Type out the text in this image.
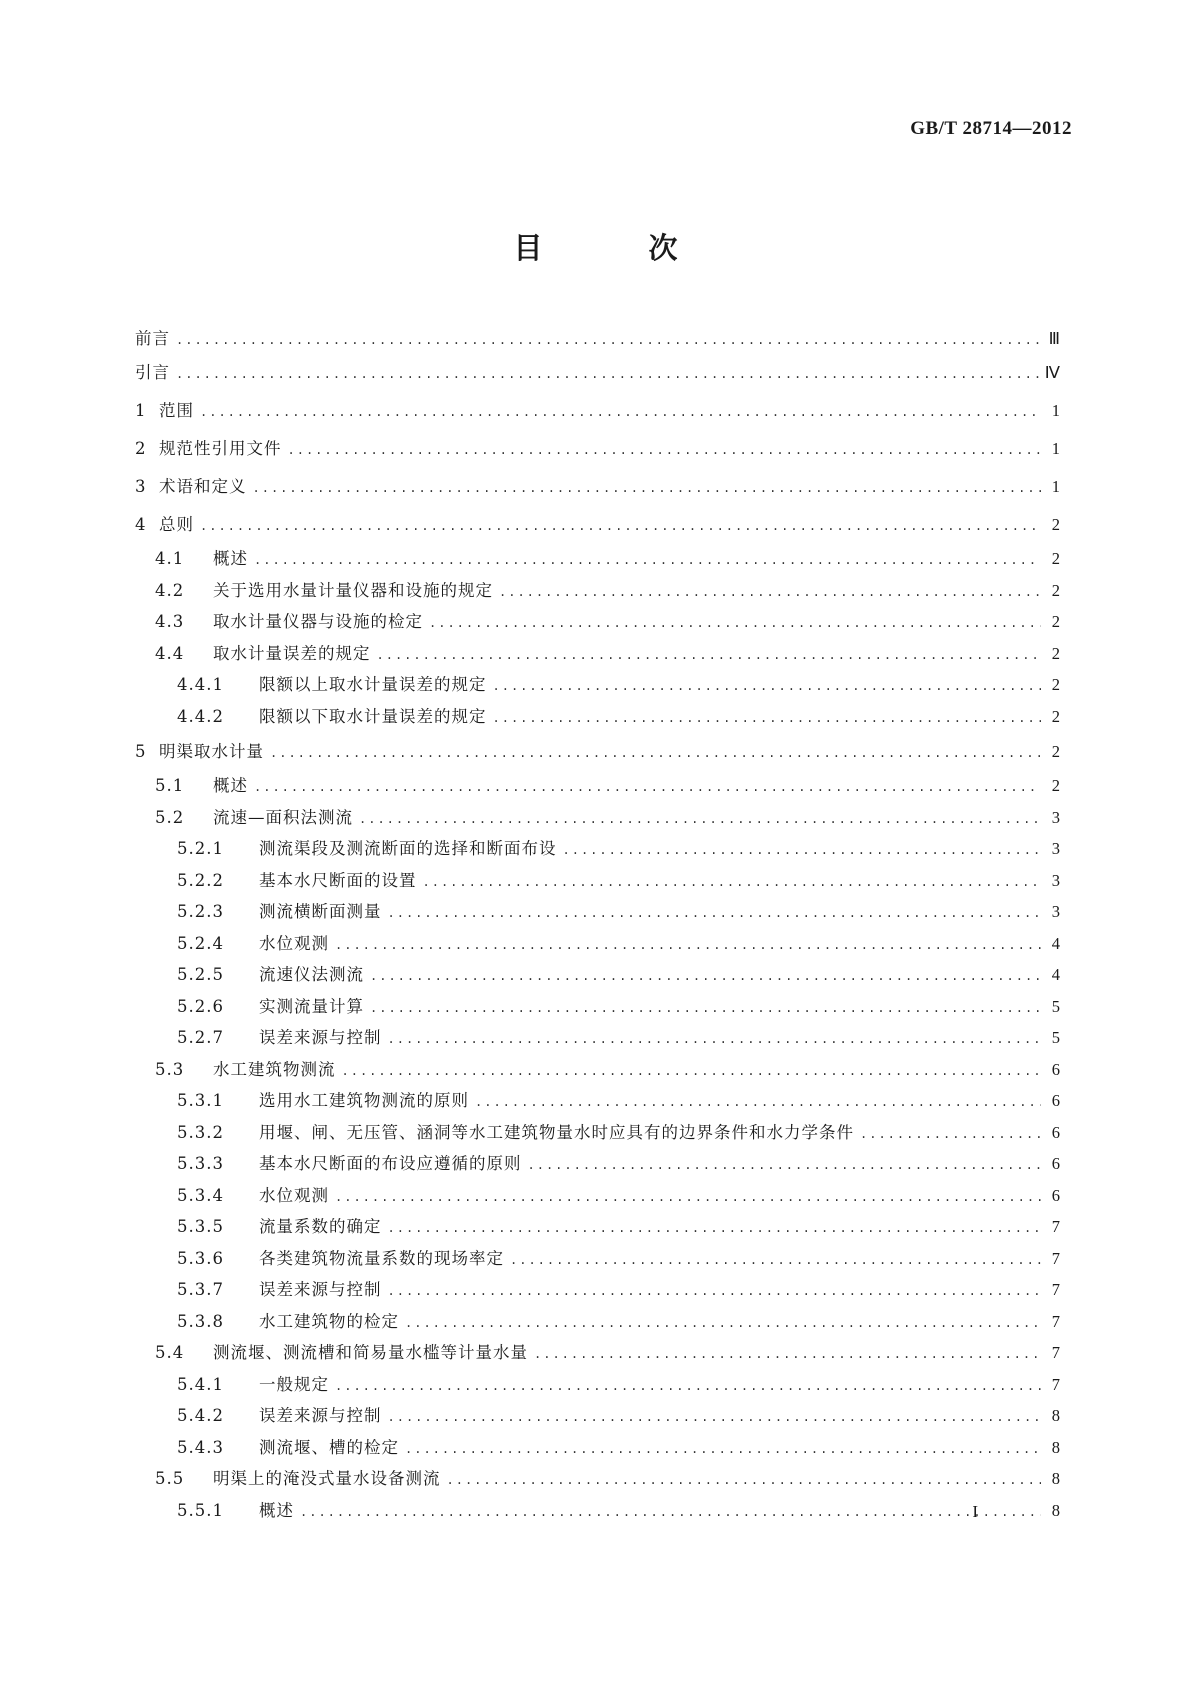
GB/T 28714—2012
目 次
前言 .....	Ⅲ
引言 .....	Ⅳ
1 范围 .....	1
2 规范性引用文件 .....	1
3 术语和定义 .....	1
4 总则 .....	2
4.1	概述 .....	2
4.2	关于选用水量计量仪器和设施的规定 .....	2
4.3	取水计量仪器与设施的检定 .....	2
4.4	取水计量误差的规定 .....	2
4.4.1	限额以上取水计量误差的规定 .....	2
4.4.2	限额以下取水计量误差的规定 .....	2
5 明渠取水计量 .....	2
5.1	概述 .....	2
5.2	流速—面积法测流 .....	3
5.2.1	测流渠段及测流断面的选择和断面布设 .....	3
5.2.2	基本水尺断面的设置 .....	3
5.2.3	测流横断面测量 .....	3
5.2.4	水位观测 .....	4
5.2.5	流速仪法测流 .....	4
5.2.6	实测流量计算 .....	5
5.2.7	误差来源与控制 .....	5
5.3	水工建筑物测流 .....	6
5.3.1	选用水工建筑物测流的原则 .....	6
5.3.2	用堰、闸、无压管、涵洞等水工建筑物量水时应具有的边界条件和水力学条件 .....	6
5.3.3	基本水尺断面的布设应遵循的原则 .....	6
5.3.4	水位观测 .....	6
5.3.5	流量系数的确定 .....	7
5.3.6	各类建筑物流量系数的现场率定 .....	7
5.3.7	误差来源与控制 .....	7
5.3.8	水工建筑物的检定 .....	7
5.4	测流堰、测流槽和简易量水槛等计量水量 .....	7
5.4.1	一般规定 .....	7
5.4.2	误差来源与控制 .....	8
5.4.3	测流堰、槽的检定 .....	8
5.5	明渠上的淹没式量水设备测流 .....	8
5.5.1	概述 .....	8
I
